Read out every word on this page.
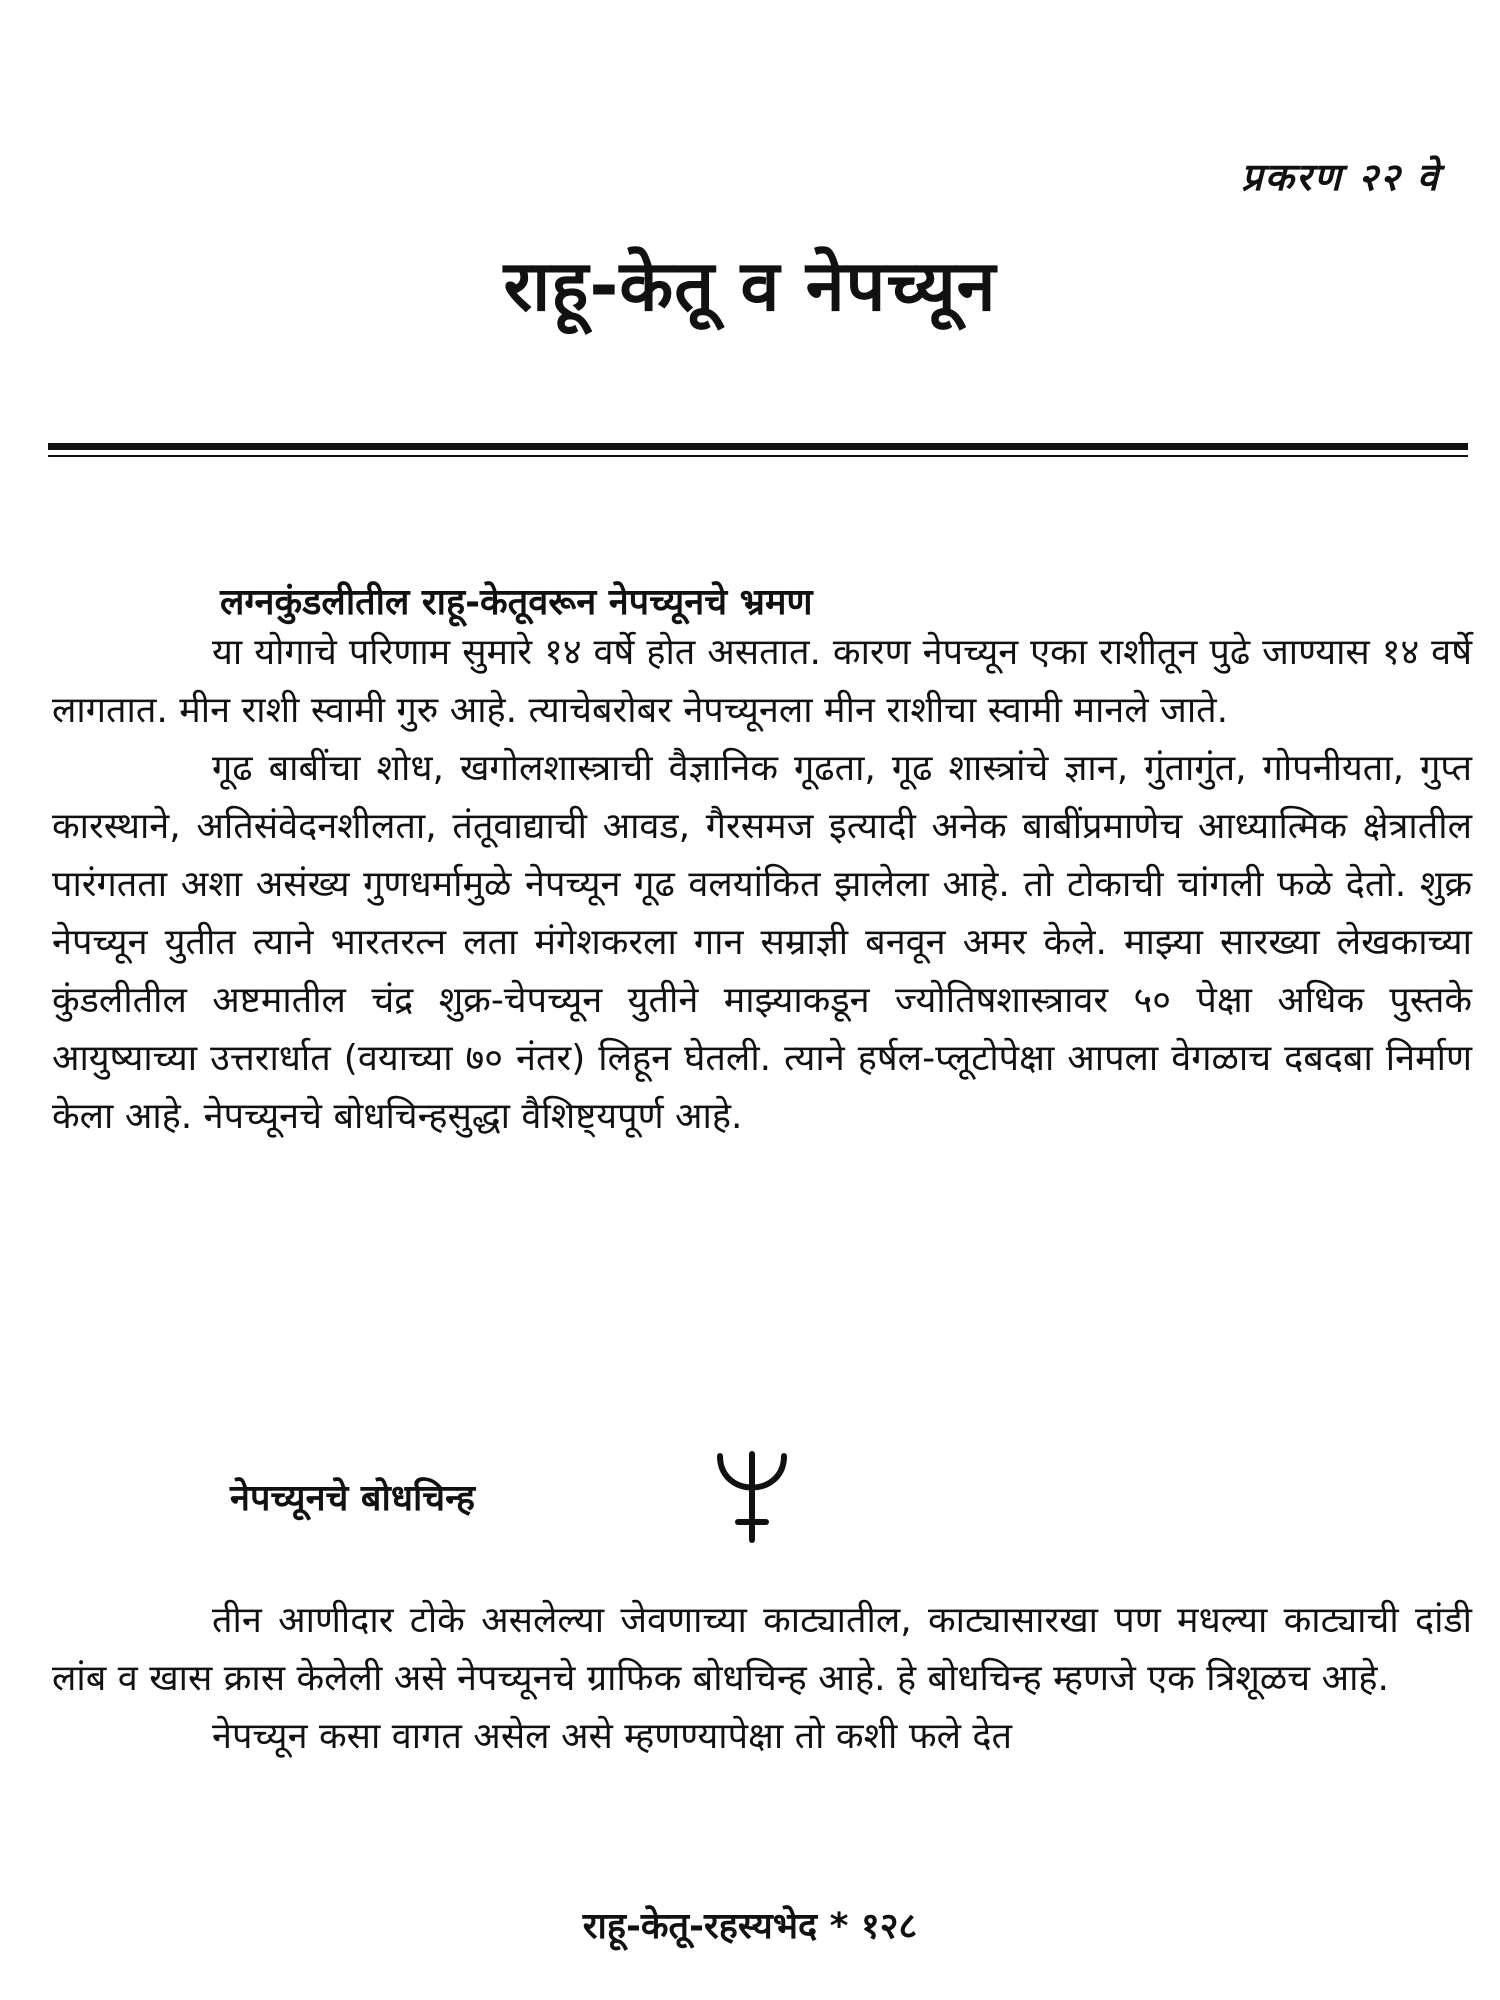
प्रकरण २२ वे
राहू-केतू व नेपच्यून
लग्नकुंडलीतील राहू-केतूवरून नेपच्यूनचे भ्रमण

या योगाचे परिणाम सुमारे १४ वर्षे होत असतात. कारण नेपच्यून एका राशीतून पुढे जाण्यास १४ वर्षे लागतात. मीन राशी स्वामी गुरु आहे. त्याचेबरोबर नेपच्यूनला मीन राशीचा स्वामी मानले जाते.

गूढ बाबींचा शोध, खगोलशास्त्राची वैज्ञानिक गूढता, गूढ शास्त्रांचे ज्ञान, गुंतागुंत, गोपनीयता, गुप्त कारस्थाने, अतिसंवेदनशीलता, तंतूवाद्याची आवड, गैरसमज इत्यादी अनेक बाबींप्रमाणेच आध्यात्मिक क्षेत्रातील पारंगतता अशा असंख्य गुणधर्मामुळे नेपच्यून गूढ वलयांकित झालेला आहे. तो टोकाची चांगली फळे देतो. शुक्र नेपच्यून युतीत त्याने भारतरत्न लता मंगेशकरला गान सम्राज्ञी बनवून अमर केले. माझ्या सारख्या लेखकाच्या कुंडलीतील अष्टमातील चंद्र शुक्र-चेपच्यून युतीने माझ्याकडून ज्योतिषशास्त्रावर ५० पेक्षा अधिक पुस्तके आयुष्याच्या उत्तरार्धात (वयाच्या ७० नंतर) लिहून घेतली. त्याने हर्षल-प्लूटोपेक्षा आपला वेगळाच दबदबा निर्माण केला आहे. नेपच्यूनचे बोधचिन्हसुद्धा वैशिष्ट्यपूर्ण आहे.

नेपच्यूनचे बोधचिन्ह

तीन आणीदार टोके असलेल्या जेवणाच्या काट्यातील, काट्यासारखा पण मधल्या काट्याची दांडी लांब व खास क्रास केलेली असे नेपच्यूनचे ग्राफिक बोधचिन्ह आहे. हे बोधचिन्ह म्हणजे एक त्रिशूळच आहे.

नेपच्यून कसा वागत असेल असे म्हणण्यापेक्षा तो कशी फले देत

राहू-केतू-रहस्यभेद * १२८
